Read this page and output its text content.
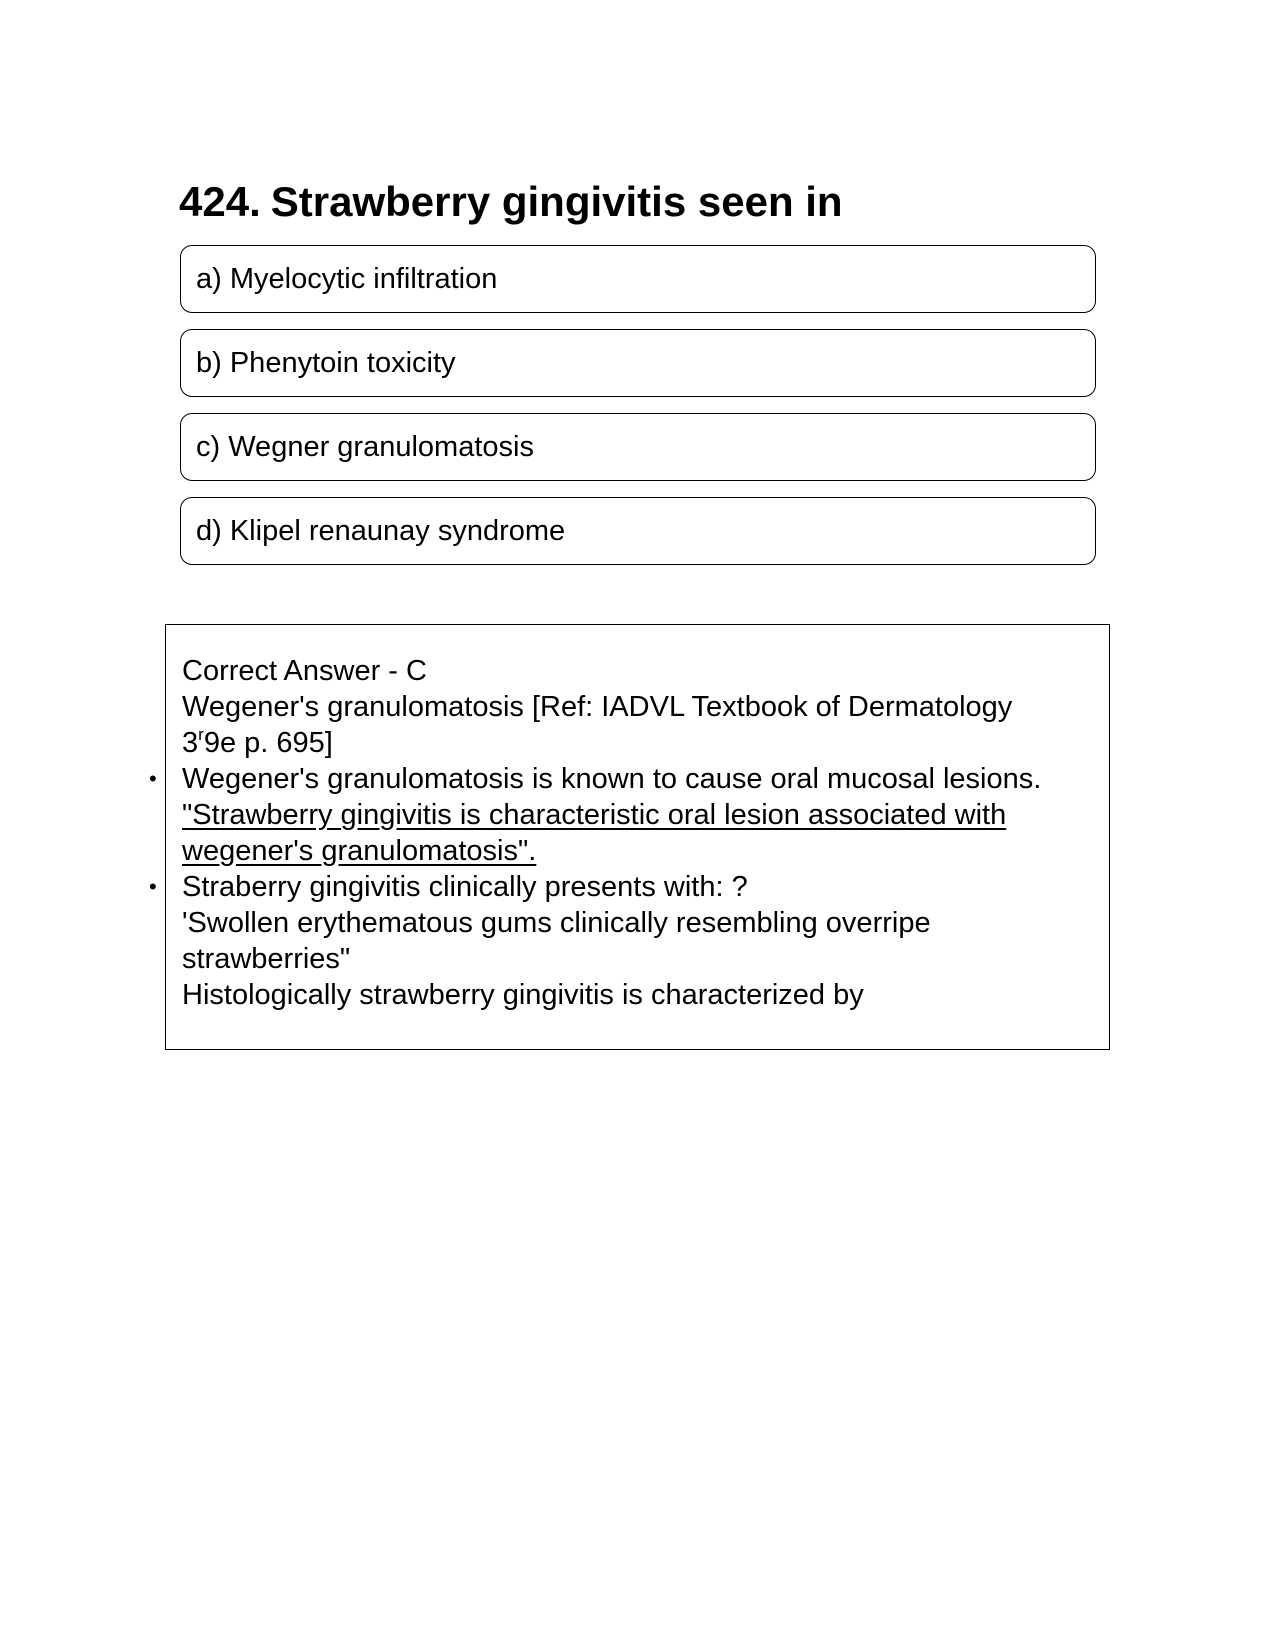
424. Strawberry gingivitis seen in
a) Myelocytic infiltration
b) Phenytoin toxicity
c) Wegner granulomatosis
d) Klipel renaunay syndrome
Correct Answer - C
Wegener's granulomatosis [Ref: IADVL Textbook of Dermatology
3$^r$9e p. 695]
• Wegener's granulomatosis is known to cause oral mucosal lesions.
"Strawberry gingivitis is characteristic oral lesion associated with
wegener's granulomatosis".
• Straberry gingivitis clinically presents with: ?
'Swollen erythematous gums clinically resembling overripe
strawberries"
Histologically strawberry gingivitis is characterized by
